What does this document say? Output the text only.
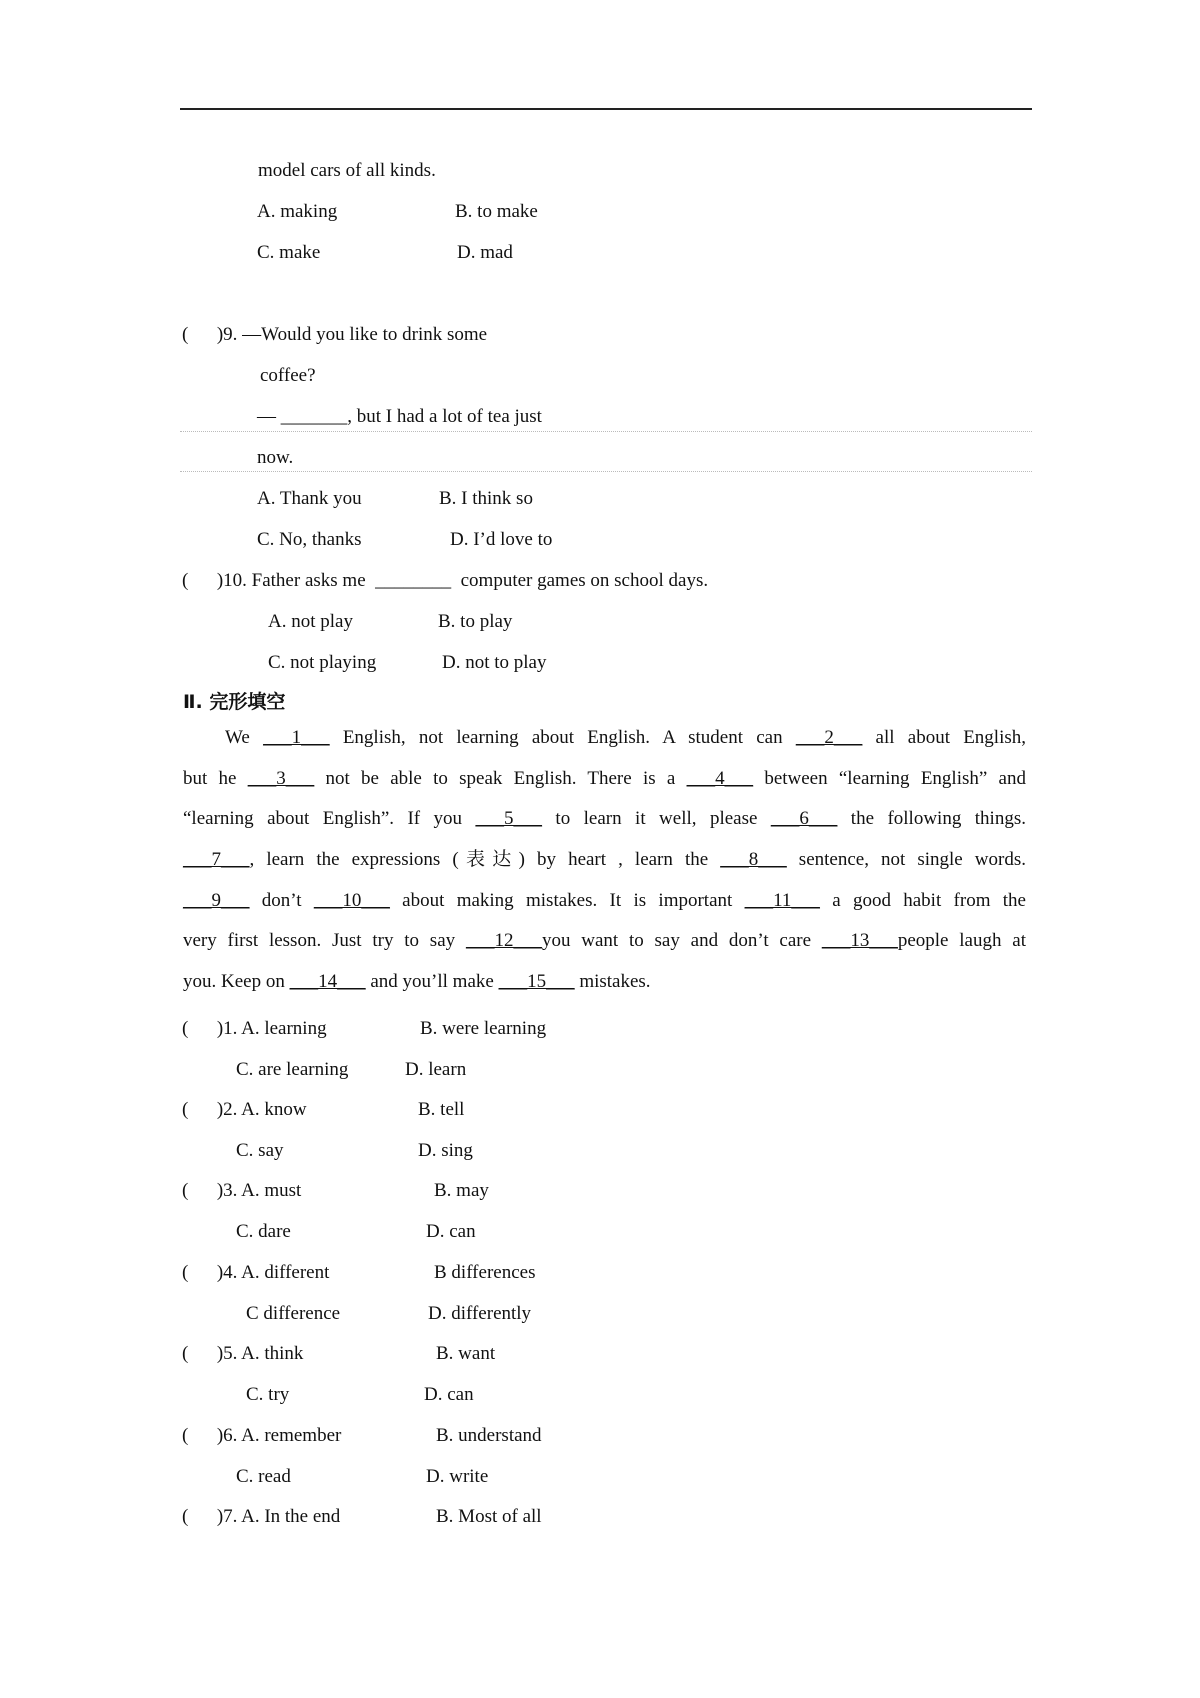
model cars of all kinds.
A. making	B. to make
C. make	D. mad
(      )9. —Would you like to drink some
coffee?
— _______, but I had a lot of tea just
now.
A. Thank you	B. I think so
C. No, thanks	D. I’d love to
(      )10. Father asks me  ________  computer games on school days.
A. not play	B. to play
C. not playing	D. not to play
Ⅱ. 完形填空
We ___1___ English, not learning about English. A student can ___2___ all about English,
but he ___3___ not be able to speak English. There is a ___4___ between “learning English” and
“learning about English”. If you ___5___ to learn it well, please ___6___ the following things.
___7___, learn the expressions (表达) by heart , learn the ___8___ sentence, not single words.
___9___ don’t ___10___ about making mistakes. It is important ___11___ a good habit from the
very first lesson. Just try to say ___12___you want to say and don’t care ___13___people laugh at
you. Keep on ___14___ and you’ll make ___15___ mistakes.
(      )1. A. learning	B. were learning
C. are learning	D. learn
(      )2. A. know	B. tell
C. say	D. sing
(      )3. A. must	B. may
C. dare	D. can
(      )4. A. different	B differences
C difference	D. differently
(      )5. A. think	B. want
C. try	D. can
(      )6. A. remember	B. understand
C. read	D. write
(      )7. A. In the end	B. Most of all
